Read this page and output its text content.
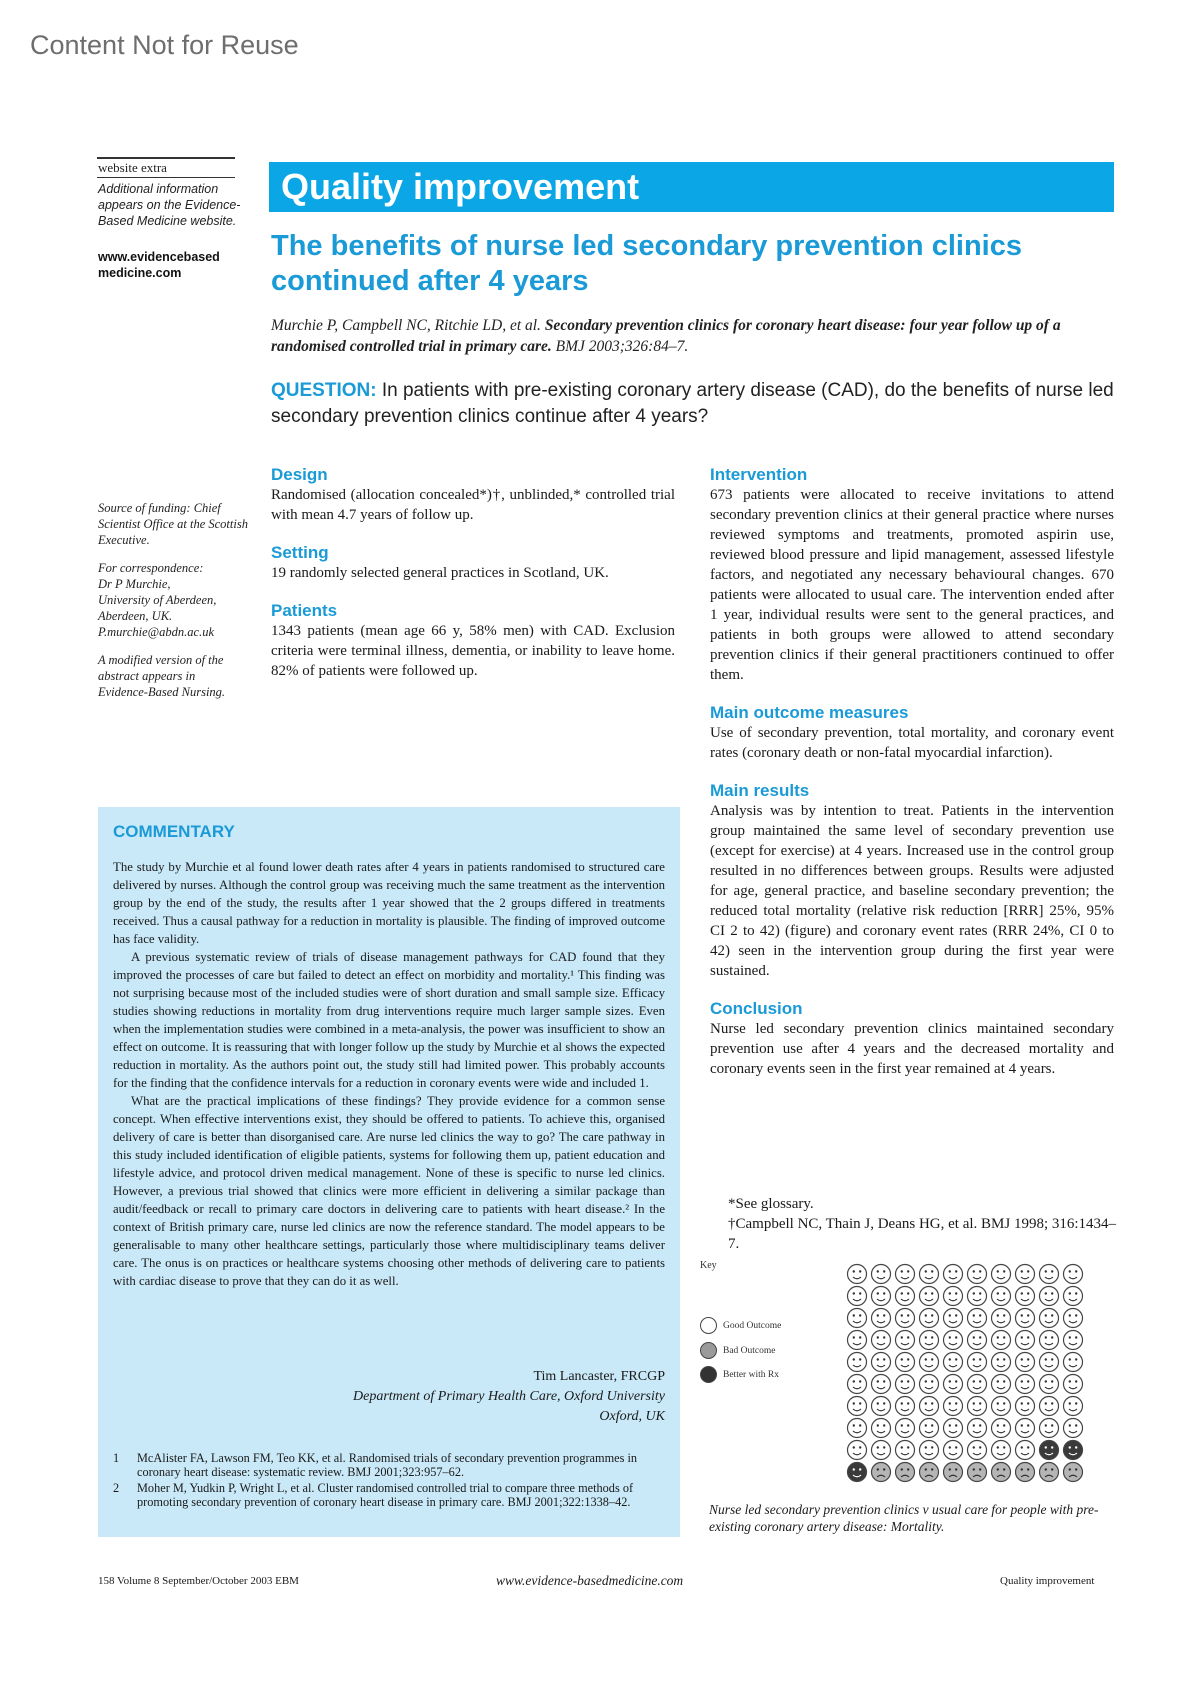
Content Not for Reuse
website extra
Additional information appears on the Evidence-Based Medicine website.
www.evidencebased medicine.com

Source of funding: Chief Scientist Office at the Scottish Executive.

For correspondence:

Dr P Murchie,

University of Aberdeen,

Aberdeen, UK.

P.murchie@abdn.ac.uk

A modified version of the abstract appears in Evidence-Based Nursing.

Quality improvement
The benefits of nurse led secondary prevention clinics continued after 4 years
Murchie P, Campbell NC, Ritchie LD, et al. Secondary prevention clinics for coronary heart disease: four year follow up of a randomised controlled trial in primary care. BMJ 2003;326:84–7.
QUESTION: In patients with pre-existing coronary artery disease (CAD), do the benefits of nurse led secondary prevention clinics continue after 4 years?
Design

Randomised (allocation concealed*)†, unblinded,* controlled trial with mean 4.7 years of follow up.

Setting

19 randomly selected general practices in Scotland, UK.

Patients

1343 patients (mean age 66 y, 58% men) with CAD. Exclusion criteria were terminal illness, dementia, or inability to leave home. 82% of patients were followed up.

Intervention

673 patients were allocated to receive invitations to attend secondary prevention clinics at their general practice where nurses reviewed symptoms and treatments, promoted aspirin use, reviewed blood pressure and lipid management, assessed lifestyle factors, and negotiated any necessary behavioural changes. 670 patients were allocated to usual care. The intervention ended after 1 year, individual results were sent to the general practices, and patients in both groups were allowed to attend secondary prevention clinics if their general practitioners continued to offer them.

Main outcome measures

Use of secondary prevention, total mortality, and coronary event rates (coronary death or non-fatal myocardial infarction).

Main results

Analysis was by intention to treat. Patients in the intervention group maintained the same level of secondary prevention use (except for exercise) at 4 years. Increased use in the control group resulted in no differences between groups. Results were adjusted for age, general practice, and baseline secondary prevention; the reduced total mortality (relative risk reduction [RRR] 25%, 95% CI 2 to 42) (figure) and coronary event rates (RRR 24%, CI 0 to 42) seen in the intervention group during the first year were sustained.

Conclusion

Nurse led secondary prevention clinics maintained secondary prevention use after 4 years and the decreased mortality and coronary events seen in the first year remained at 4 years.

*See glossary.
†Campbell NC, Thain J, Deans HG, et al. BMJ 1998; 316:1434–7.
COMMENTARY

The study by Murchie et al found lower death rates after 4 years in patients randomised to structured care delivered by nurses. Although the control group was receiving much the same treatment as the intervention group by the end of the study, the results after 1 year showed that the 2 groups differed in treatments received. Thus a causal pathway for a reduction in mortality is plausible. The finding of improved outcome has face validity.

A previous systematic review of trials of disease management pathways for CAD found that they improved the processes of care but failed to detect an effect on morbidity and mortality.¹ This finding was not surprising because most of the included studies were of short duration and small sample size. Efficacy studies showing reductions in mortality from drug interventions require much larger sample sizes. Even when the implementation studies were combined in a meta-analysis, the power was insufficient to show an effect on outcome. It is reassuring that with longer follow up the study by Murchie et al shows the expected reduction in mortality. As the authors point out, the study still had limited power. This probably accounts for the finding that the confidence intervals for a reduction in coronary events were wide and included 1.

What are the practical implications of these findings? They provide evidence for a common sense concept. When effective interventions exist, they should be offered to patients. To achieve this, organised delivery of care is better than disorganised care. Are nurse led clinics the way to go? The care pathway in this study included identification of eligible patients, systems for following them up, patient education and lifestyle advice, and protocol driven medical management. None of these is specific to nurse led clinics. However, a previous trial showed that clinics were more efficient in delivering a similar package than audit/feedback or recall to primary care doctors in delivering care to patients with heart disease.² In the context of British primary care, nurse led clinics are now the reference standard. The model appears to be generalisable to many other healthcare settings, particularly those where multidisciplinary teams deliver care. The onus is on practices or healthcare systems choosing other methods of delivering care to patients with cardiac disease to prove that they can do it as well.

Tim Lancaster, FRCGP
Department of Primary Health Care, Oxford University
Oxford, UK
1	McAlister FA, Lawson FM, Teo KK, et al. Randomised trials of secondary prevention programmes in coronary heart disease: systematic review. BMJ 2001;323:957–62.
2	Moher M, Yudkin P, Wright L, et al. Cluster randomised controlled trial to compare three methods of promoting secondary prevention of coronary heart disease in primary care. BMJ 2001;322:1338–42.
Key
Good Outcome
Bad Outcome
Better with Rx
Nurse led secondary prevention clinics v usual care for people with pre-existing coronary artery disease: Mortality.
158 Volume 8 September/October 2003 EBM	www.evidence-basedmedicine.com	Quality improvement
